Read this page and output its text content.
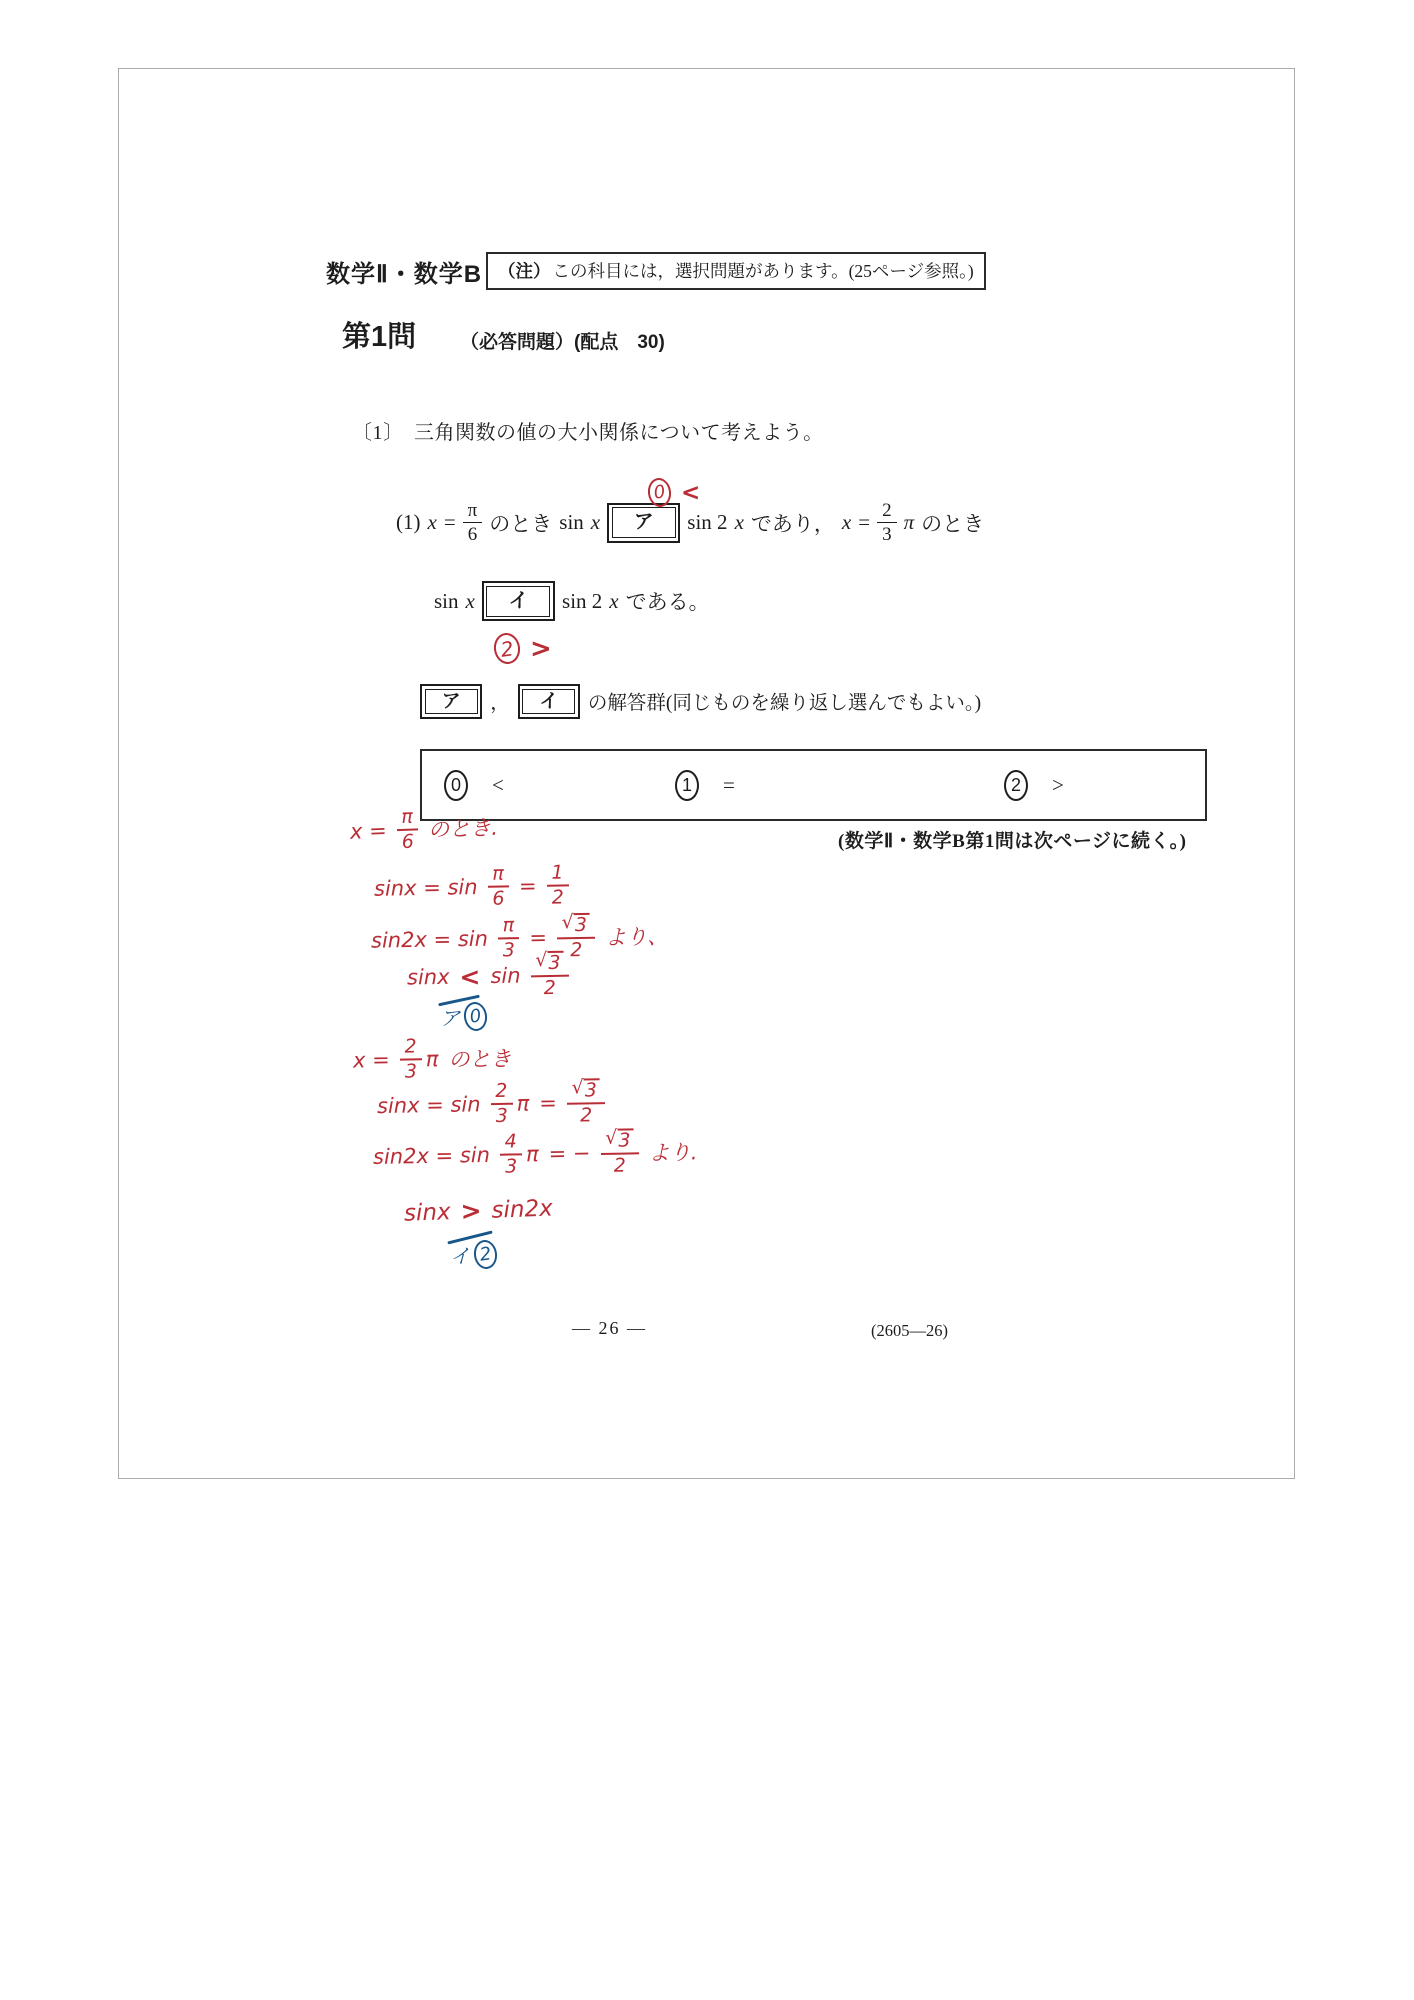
数学Ⅱ・数学B （注） この科目には，選択問題があります。(25ページ参照。)
第1問 （必答問題）(配点　30)
〔1〕　三角関数の値の大小関係について考えよう。
(1) $x = \frac{\pi}{6}$ のとき sin x	ア	sin 2 x であり， $x = \frac{2}{3}$ π のとき
0 <
sin x	イ	sin 2 x である。
2 >
ア	，	イ	の解答群(同じものを繰り返し選んでもよい。)
0	<	1	=	2	>
(数学Ⅱ・数学B第1問は次ページに続く。)
$x = \frac{\pi}{6}$ のとき.
$\sin x = \sin \frac{\pi}{6} = \frac{1}{2}$
$\sin 2x = \sin \frac{\pi}{3} = \frac{√ 3}{2}$ より、
$\sin x < \sin \frac{√ 3}{2}$
ア 0
$x = \frac{2}{3}$ π のとき
$\sin x = \sin \frac{2}{3}$ $\pi = \frac{√ 3}{2}$
$\sin 2x = \sin \frac{4}{3}$ π = − $\frac{√ 3}{2}$ より.
sinx > sin2x
イ 2
— 26 —	(2605—26)
